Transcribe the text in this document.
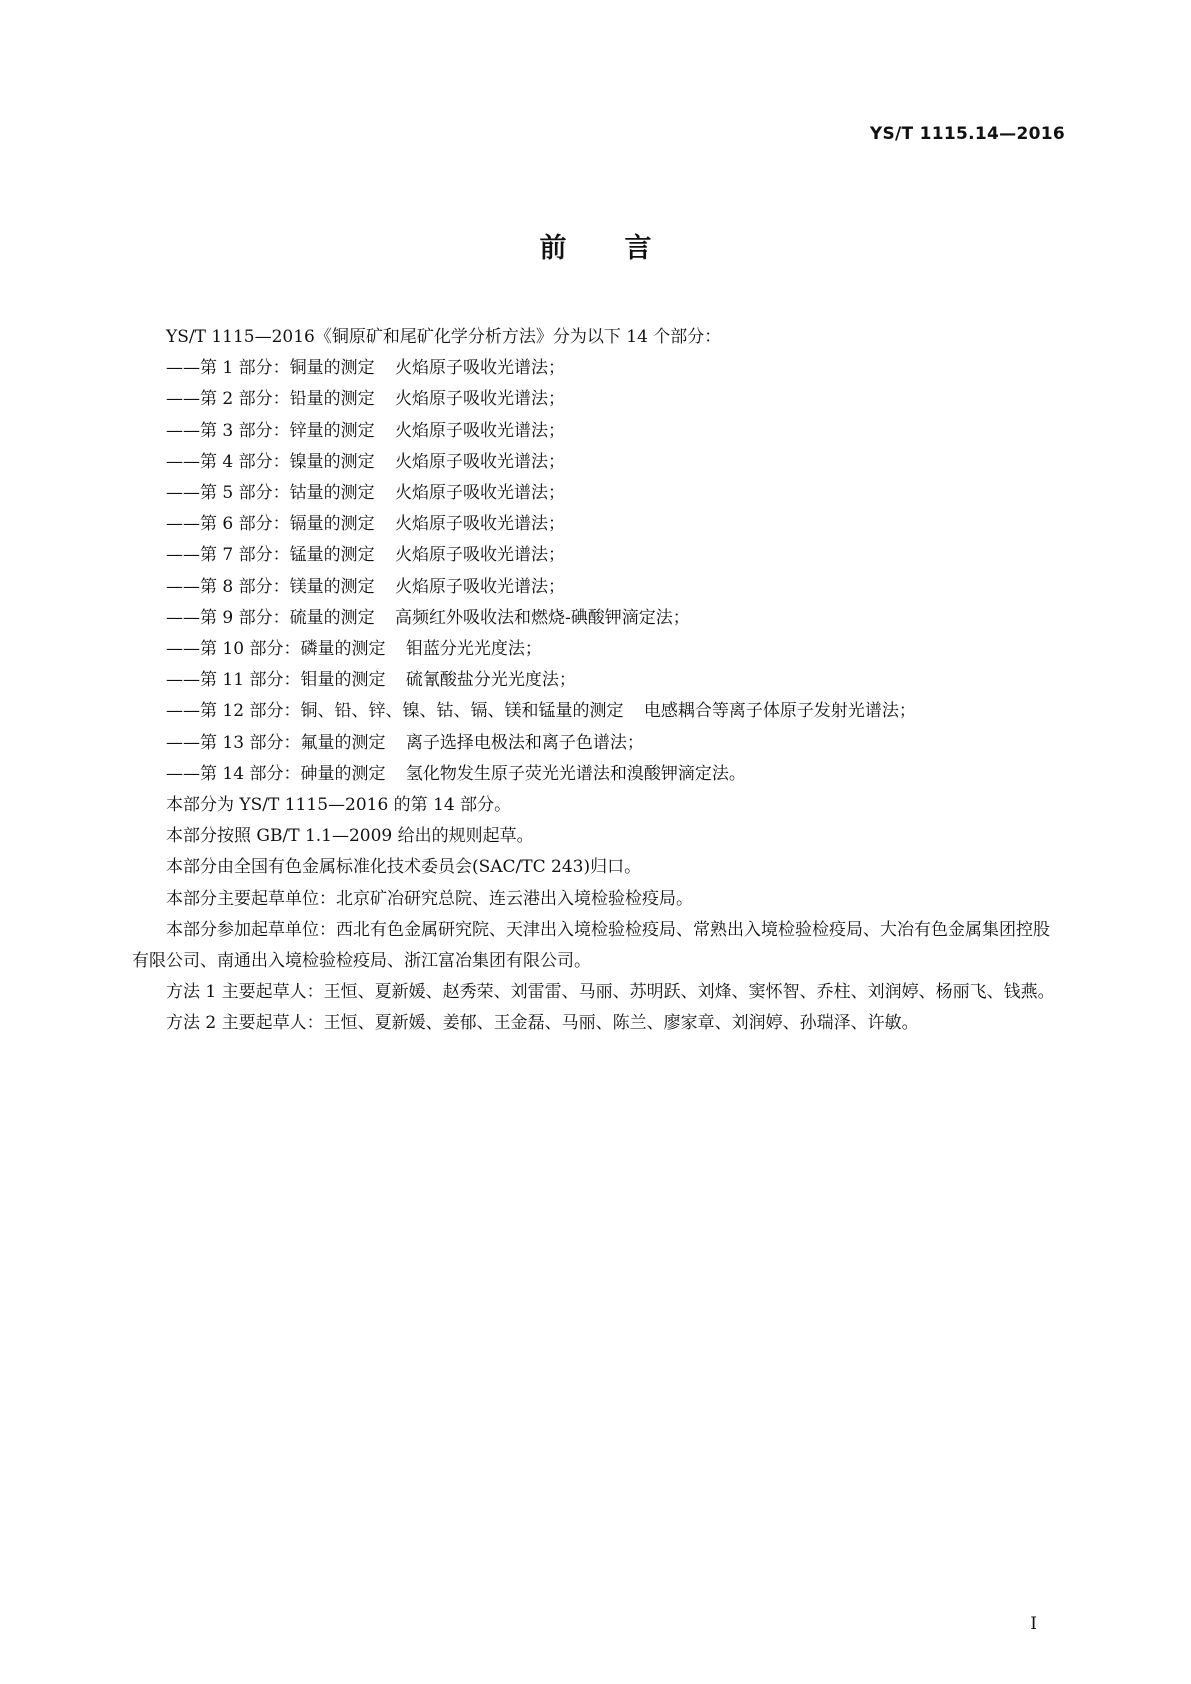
YS/T 1115.14—2016
前言

YS/T 1115—2016《铜原矿和尾矿化学分析方法》分为以下 14 个部分：

——第 1 部分：铜量的测定 火焰原子吸收光谱法；

——第 2 部分：铅量的测定 火焰原子吸收光谱法；

——第 3 部分：锌量的测定 火焰原子吸收光谱法；

——第 4 部分：镍量的测定 火焰原子吸收光谱法；

——第 5 部分：钴量的测定 火焰原子吸收光谱法；

——第 6 部分：镉量的测定 火焰原子吸收光谱法；

——第 7 部分：锰量的测定 火焰原子吸收光谱法；

——第 8 部分：镁量的测定 火焰原子吸收光谱法；

——第 9 部分：硫量的测定 高频红外吸收法和燃烧-碘酸钾滴定法；

——第 10 部分：磷量的测定 钼蓝分光光度法；

——第 11 部分：钼量的测定 硫氰酸盐分光光度法；

——第 12 部分：铜、铅、锌、镍、钴、镉、镁和锰量的测定 电感耦合等离子体原子发射光谱法；

——第 13 部分：氟量的测定 离子选择电极法和离子色谱法；

——第 14 部分：砷量的测定 氢化物发生原子荧光光谱法和溴酸钾滴定法。

本部分为 YS/T 1115—2016 的第 14 部分。

本部分按照 GB/T 1.1—2009 给出的规则起草。

本部分由全国有色金属标准化技术委员会(SAC/TC 243)归口。

本部分主要起草单位：北京矿冶研究总院、连云港出入境检验检疫局。

本部分参加起草单位：西北有色金属研究院、天津出入境检验检疫局、常熟出入境检验检疫局、大冶有色金属集团控股有限公司、南通出入境检验检疫局、浙江富冶集团有限公司。

方法 1 主要起草人：王恒、夏新媛、赵秀荣、刘雷雷、马丽、苏明跃、刘烽、窦怀智、乔柱、刘润婷、杨丽飞、钱燕。

方法 2 主要起草人：王恒、夏新媛、姜郁、王金磊、马丽、陈兰、廖家章、刘润婷、孙瑞泽、许敏。

I
